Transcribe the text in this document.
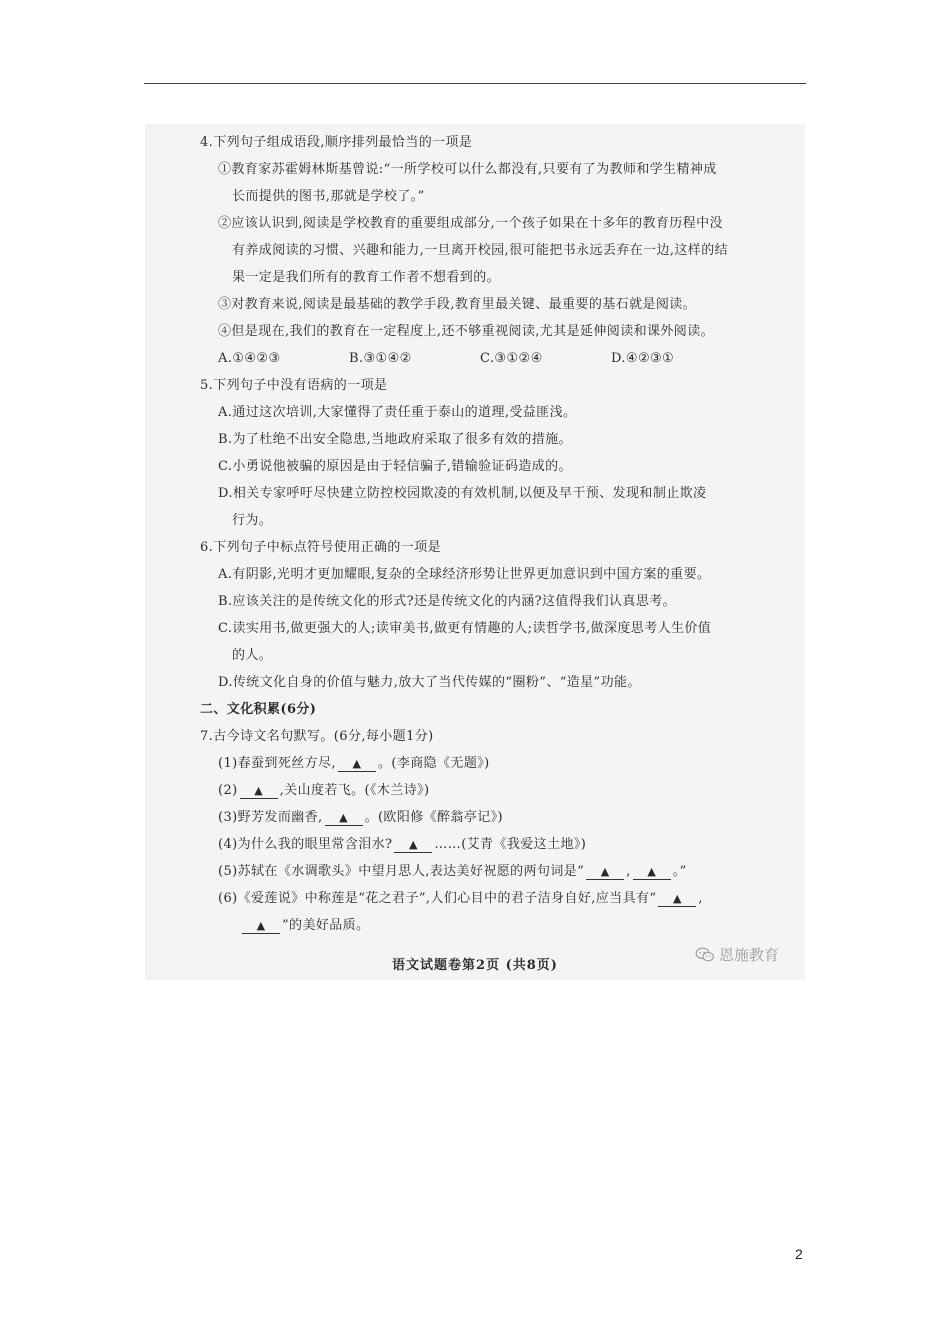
4.下列句子组成语段,顺序排列最恰当的一项是
①教育家苏霍姆林斯基曾说:“一所学校可以什么都没有,只要有了为教师和学生精神成
长而提供的图书,那就是学校了。”
②应该认识到,阅读是学校教育的重要组成部分,一个孩子如果在十多年的教育历程中没
有养成阅读的习惯、兴趣和能力,一旦离开校园,很可能把书永远丢弃在一边,这样的结
果一定是我们所有的教育工作者不想看到的。
③对教育来说,阅读是最基础的教学手段,教育里最关键、最重要的基石就是阅读。
④但是现在,我们的教育在一定程度上,还不够重视阅读,尤其是延伸阅读和课外阅读。
A.①④②③	B.③①④②	C.③①②④	D.④②③①
5.下列句子中没有语病的一项是
A.通过这次培训,大家懂得了责任重于泰山的道理,受益匪浅。
B.为了杜绝不出安全隐患,当地政府采取了很多有效的措施。
C.小勇说他被骗的原因是由于轻信骗子,错输验证码造成的。
D.相关专家呼吁尽快建立防控校园欺凌的有效机制,以便及早干预、发现和制止欺凌
行为。
6.下列句子中标点符号使用正确的一项是
A.有阴影,光明才更加耀眼,复杂的全球经济形势让世界更加意识到中国方案的重要。
B.应该关注的是传统文化的形式?还是传统文化的内涵?这值得我们认真思考。
C.读实用书,做更强大的人;读审美书,做更有情趣的人;读哲学书,做深度思考人生价值
的人。
D.传统文化自身的价值与魅力,放大了当代传媒的“圈粉”、“造星”功能。
二、文化积累(6分)
7.古今诗文名句默写。(6分,每小题1分)
(1)春蚕到死丝方尽, ▲ 。(李商隐《无题》)
(2) ▲ ,关山度若飞。(《木兰诗》)
(3)野芳发而幽香, ▲ 。(欧阳修《醉翁亭记》)
(4)为什么我的眼里常含泪水? ▲ ……(艾青《我爱这土地》)
(5)苏轼在《水调歌头》中望月思人,表达美好祝愿的两句词是“ ▲ , ▲ 。”
(6)《爱莲说》中称莲是“花之君子”,人们心目中的君子洁身自好,应当具有“ ▲ ,
▲ ”的美好品质。
语文试题卷第2页 (共8页)
恩施教育
2
